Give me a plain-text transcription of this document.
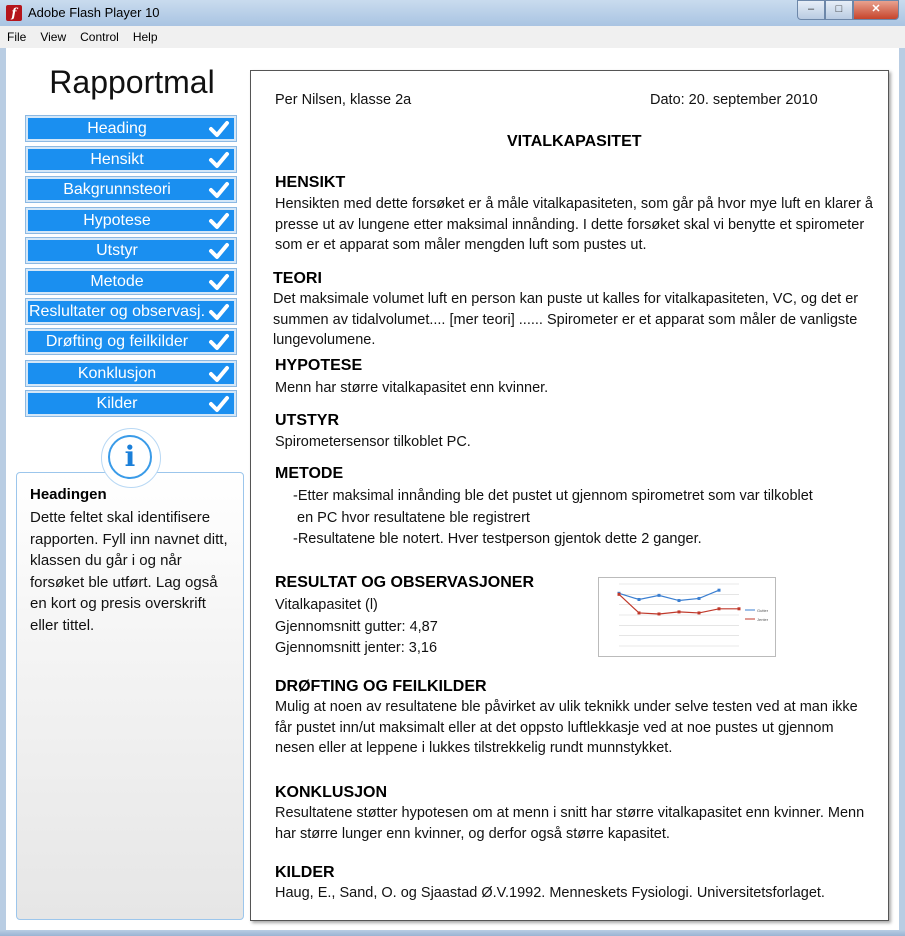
f Adobe Flash Player 10	–	□	✕
File	View	Control	Help
Rapportmal
Heading
Hensikt
Bakgrunnsteori
Hypotese
Utstyr
Metode
Reslultater og observasj.
Drøfting og feilkilder
Konklusjon
Kilder
i
Headingen
Dette feltet skal identifisere rapporten. Fyll inn navnet ditt, klassen du går i og når forsøket ble utført. Lag også en kort og presis overskrift eller tittel.
Per Nilsen, klasse 2a	Dato: 20. september 2010
VITALKAPASITET
HENSIKT
Hensikten med dette forsøket er å måle vitalkapasiteten, som går på hvor mye luft en klarer å presse ut av lungene etter maksimal innånding. I dette forsøket skal vi benytte et spirometer som er et apparat som måler mengden luft som pustes ut.
TEORI
Det maksimale volumet luft en person kan puste ut kalles for vitalkapasiteten, VC, og det er summen av tidalvolumet.... [mer teori] ...... Spirometer er et apparat som måler de vanligste lungevolumene.
HYPOTESE
Menn har større vitalkapasitet enn kvinner.
UTSTYR
Spirometersensor tilkoblet PC.
METODE
-Etter maksimal innånding ble det pustet ut gjennom spirometret som var tilkoblet
en PC hvor resultatene ble registrert
-Resultatene ble notert. Hver testperson gjentok dette 2 ganger.
RESULTAT OG OBSERVASJONER
Vitalkapasitet (l)
Gjennomsnitt gutter: 4,87
Gjennomsnitt jenter: 3,16
Gutter
Jenter
DRØFTING OG FEILKILDER
Mulig at noen av resultatene ble påvirket av ulik teknikk under selve testen ved at man ikke får pustet inn/ut maksimalt eller at det oppsto luftlekkasje ved at noe pustes ut gjennom nesen eller at leppene i lukkes tilstrekkelig rundt munnstykket.
KONKLUSJON
Resultatene støtter hypotesen om at menn i snitt har større vitalkapasitet enn kvinner. Menn har større lunger enn kvinner, og derfor også større kapasitet.
KILDER
Haug, E., Sand, O. og Sjaastad Ø.V.1992. Menneskets Fysiologi. Universitetsforlaget.
